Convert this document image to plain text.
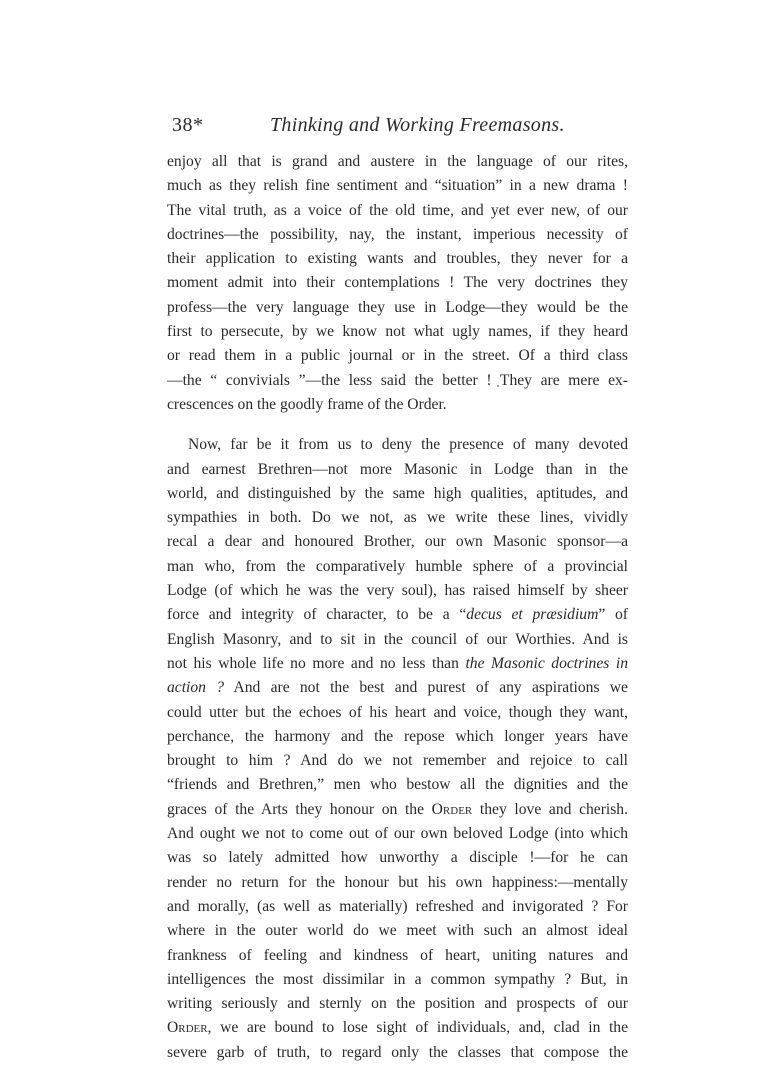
38*	Thinking and Working Freemasons.
enjoy all that is grand and austere in the language of our rites,
much as they relish fine sentiment and “situation” in a new drama !
The vital truth, as a voice of the old time, and yet ever new, of our
doctrines—the possibility, nay, the instant, imperious necessity of
their application to existing wants and troubles, they never for a
moment admit into their contemplations ! The very doctrines they
profess—the very language they use in Lodge—they would be the
first to persecute, by we know not what ugly names, if they heard
or read them in a public journal or in the street. Of a third class
—the “ convivials ”—the less said the better ! They are mere ex-
crescences on the goodly frame of the Order.
Now, far be it from us to deny the presence of many devoted
and earnest Brethren—not more Masonic in Lodge than in the
world, and distinguished by the same high qualities, aptitudes, and
sympathies in both. Do we not, as we write these lines, vividly
recal a dear and honoured Brother, our own Masonic sponsor—a
man who, from the comparatively humble sphere of a provincial
Lodge (of which he was the very soul), has raised himself by sheer
force and integrity of character, to be a “decus et præsidium” of
English Masonry, and to sit in the council of our Worthies. And is
not his whole life no more and no less than the Masonic doctrines in
action ? And are not the best and purest of any aspirations we
could utter but the echoes of his heart and voice, though they want,
perchance, the harmony and the repose which longer years have
brought to him ? And do we not remember and rejoice to call
“friends and Brethren,” men who bestow all the dignities and the
graces of the Arts they honour on the Order they love and cherish.
And ought we not to come out of our own beloved Lodge (into which
was so lately admitted how unworthy a disciple !—for he can
render no return for the honour but his own happiness:—mentally
and morally, (as well as materially) refreshed and invigorated ? For
where in the outer world do we meet with such an almost ideal
frankness of feeling and kindness of heart, uniting natures and
intelligences the most dissimilar in a common sympathy ? But, in
writing seriously and sternly on the position and prospects of our
Order, we are bound to lose sight of individuals, and, clad in the
severe garb of truth, to regard only the classes that compose the
